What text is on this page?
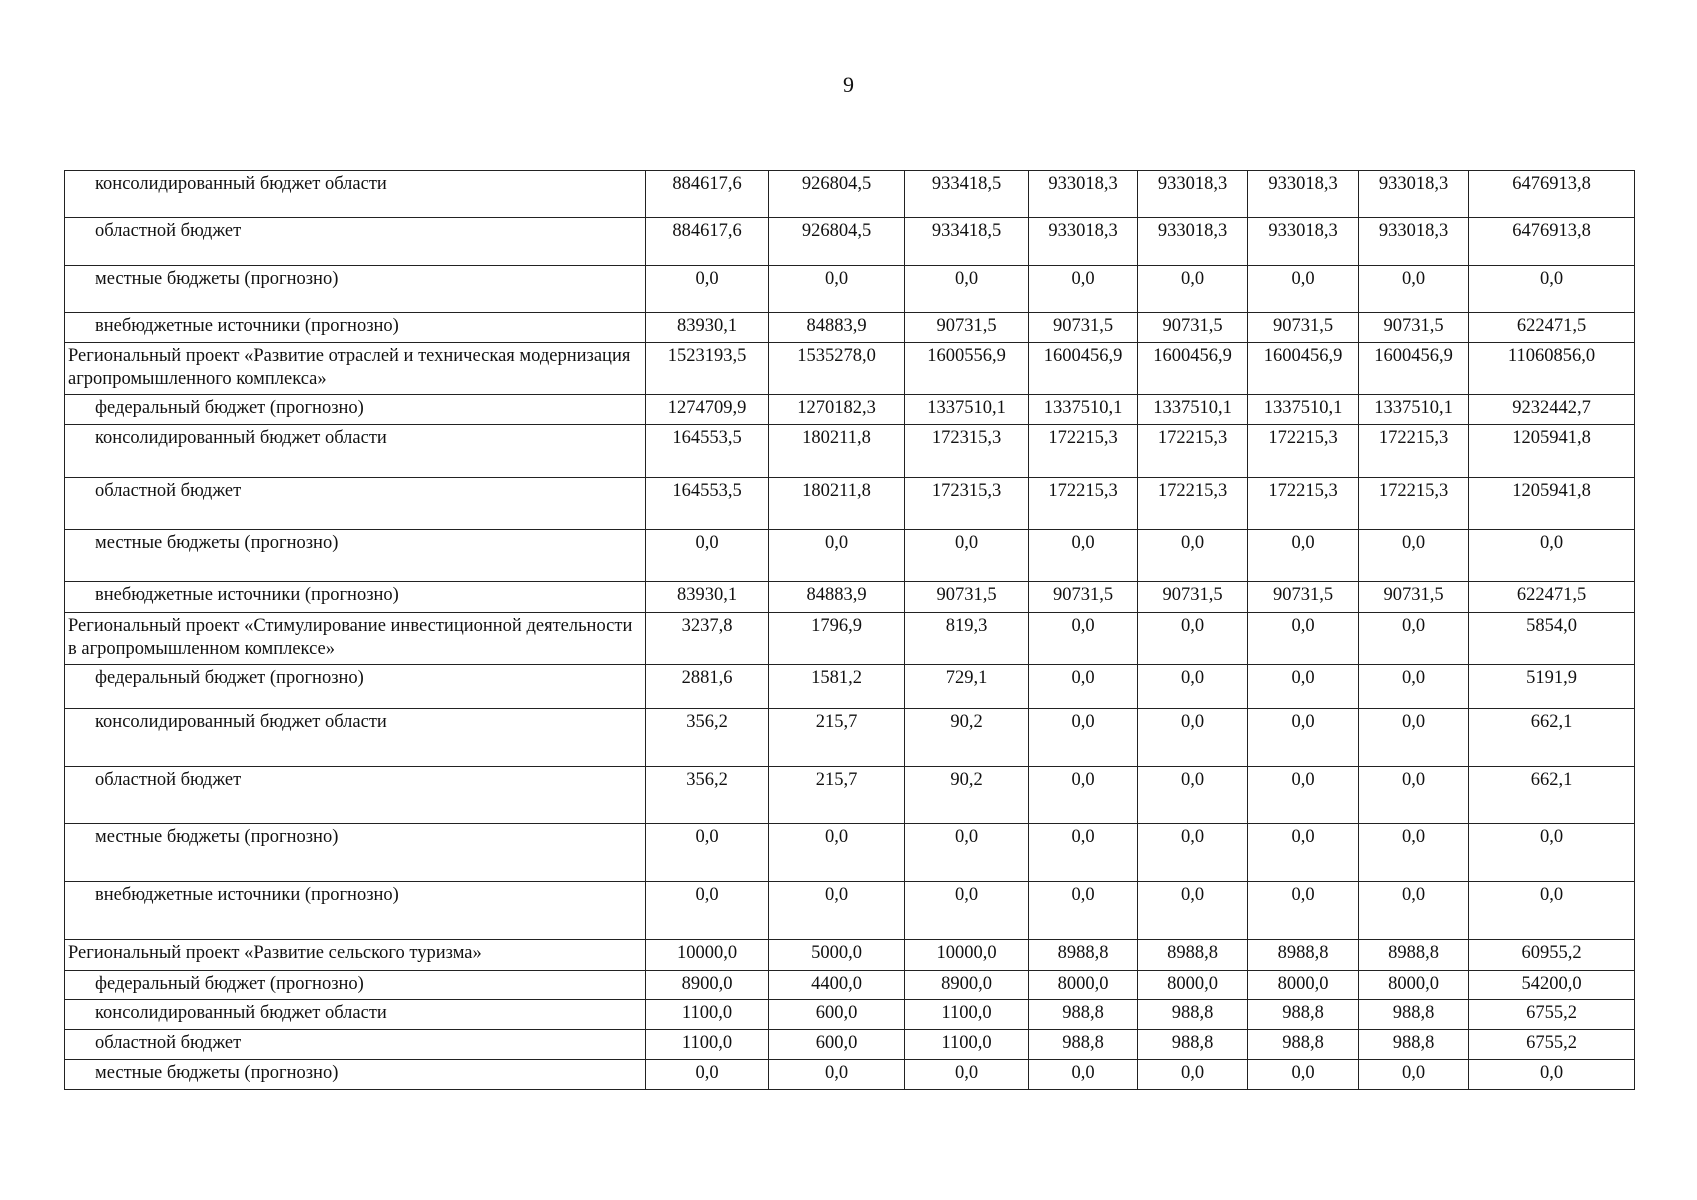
9
консолидированный бюджет области	884617,6	926804,5	933418,5	933018,3	933018,3	933018,3	933018,3	6476913,8
областной бюджет	884617,6	926804,5	933418,5	933018,3	933018,3	933018,3	933018,3	6476913,8
местные бюджеты (прогнозно)	0,0	0,0	0,0	0,0	0,0	0,0	0,0	0,0
внебюджетные источники (прогнозно)	83930,1	84883,9	90731,5	90731,5	90731,5	90731,5	90731,5	622471,5
Региональный проект «Развитие отраслей и техническая модернизация агропромышленного комплекса»	1523193,5	1535278,0	1600556,9	1600456,9	1600456,9	1600456,9	1600456,9	11060856,0
федеральный бюджет (прогнозно)	1274709,9	1270182,3	1337510,1	1337510,1	1337510,1	1337510,1	1337510,1	9232442,7
консолидированный бюджет области	164553,5	180211,8	172315,3	172215,3	172215,3	172215,3	172215,3	1205941,8
областной бюджет	164553,5	180211,8	172315,3	172215,3	172215,3	172215,3	172215,3	1205941,8
местные бюджеты (прогнозно)	0,0	0,0	0,0	0,0	0,0	0,0	0,0	0,0
внебюджетные источники (прогнозно)	83930,1	84883,9	90731,5	90731,5	90731,5	90731,5	90731,5	622471,5
Региональный проект «Стимулирование инвестиционной деятельности в агропромышленном комплексе»	3237,8	1796,9	819,3	0,0	0,0	0,0	0,0	5854,0
федеральный бюджет (прогнозно)	2881,6	1581,2	729,1	0,0	0,0	0,0	0,0	5191,9
консолидированный бюджет области	356,2	215,7	90,2	0,0	0,0	0,0	0,0	662,1
областной бюджет	356,2	215,7	90,2	0,0	0,0	0,0	0,0	662,1
местные бюджеты (прогнозно)	0,0	0,0	0,0	0,0	0,0	0,0	0,0	0,0
внебюджетные источники (прогнозно)	0,0	0,0	0,0	0,0	0,0	0,0	0,0	0,0
Региональный проект «Развитие сельского туризма»	10000,0	5000,0	10000,0	8988,8	8988,8	8988,8	8988,8	60955,2
федеральный бюджет (прогнозно)	8900,0	4400,0	8900,0	8000,0	8000,0	8000,0	8000,0	54200,0
консолидированный бюджет области	1100,0	600,0	1100,0	988,8	988,8	988,8	988,8	6755,2
областной бюджет	1100,0	600,0	1100,0	988,8	988,8	988,8	988,8	6755,2
местные бюджеты (прогнозно)	0,0	0,0	0,0	0,0	0,0	0,0	0,0	0,0
